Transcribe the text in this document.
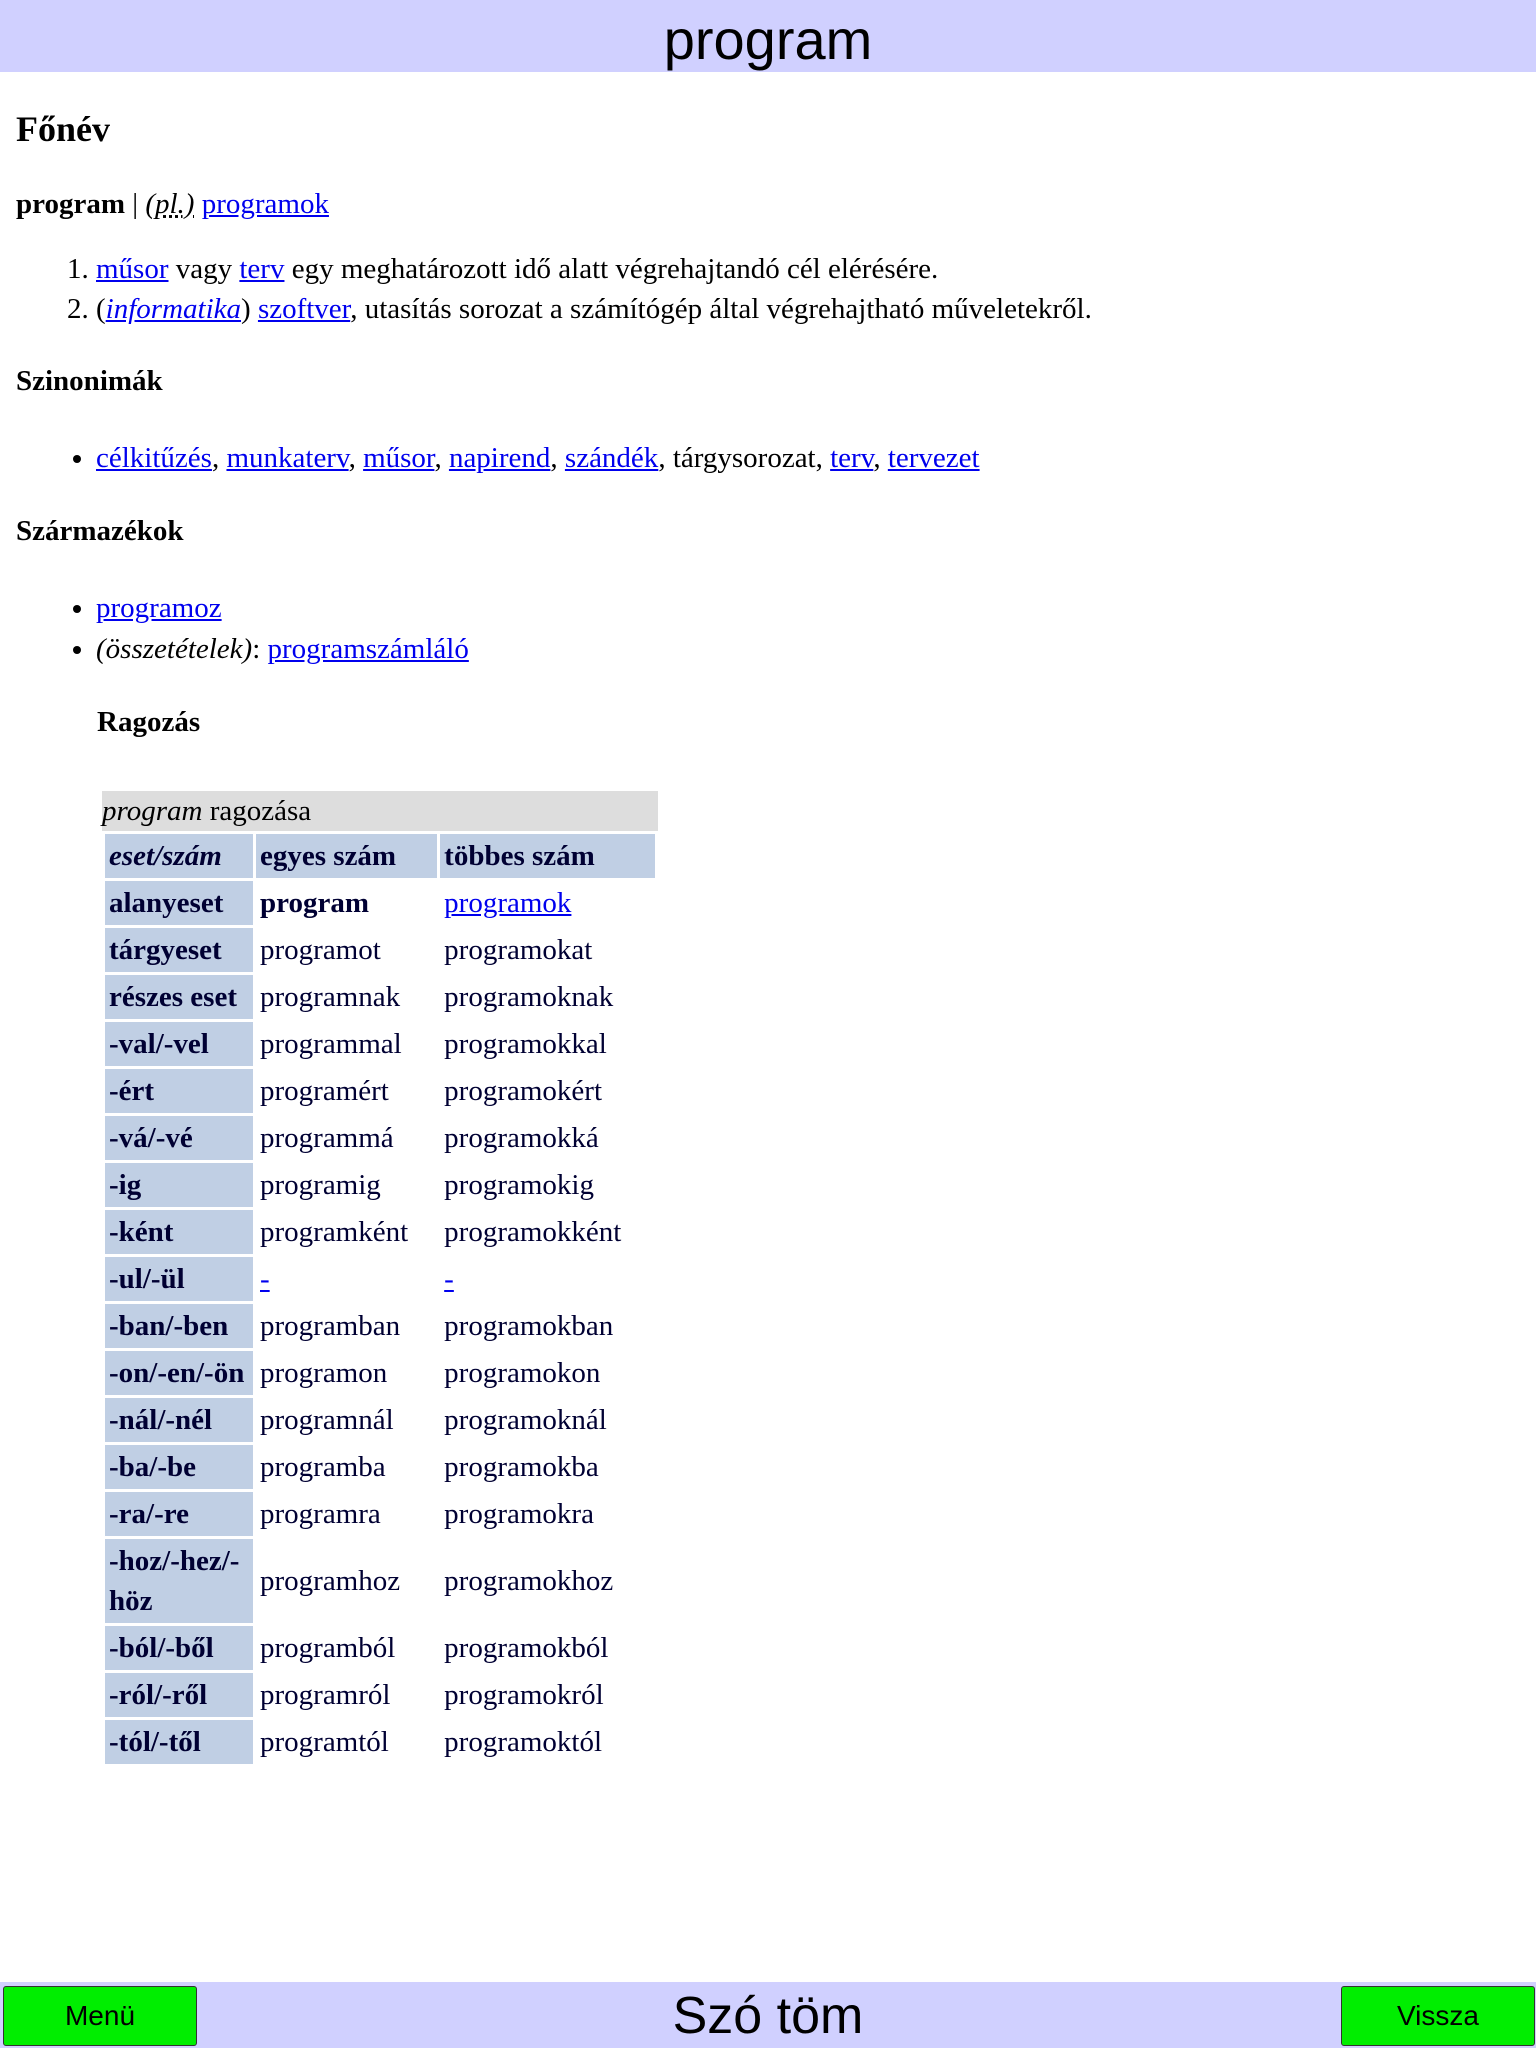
program
Főnév
program | (pl.) programok
1. műsor vagy terv egy meghatározott idő alatt végrehajtandó cél elérésére.
2. (informatika) szoftver, utasítás sorozat a számítógép által végrehajtható műveletekről.
Szinonimák
• célkitűzés, munkaterv, műsor, napirend, szándék, tárgysorozat, terv, tervezet
Származékok
• programoz
• (összetételek): programszámláló
Ragozás
program ragozása
eset/szám	egyes szám	többes szám
alanyeset	program	programok
tárgyeset	programot	programokat
részes eset	programnak	programoknak
-val/-vel	programmal	programokkal
-ért	programért	programokért
-vá/-vé	programmá	programokká
-ig	programig	programokig
-ként	programként	programokként
-ul/-ül	-	-
-ban/-ben	programban	programokban
-on/-en/-ön	programon	programokon
-nál/-nél	programnál	programoknál
-ba/-be	programba	programokba
-ra/-re	programra	programokra
-hoz/-hez/-höz	programhoz	programokhoz
-ból/-ből	programból	programokból
-ról/-ről	programról	programokról
-tól/-től	programtól	programoktól
Szó töm
Menü	Vissza
